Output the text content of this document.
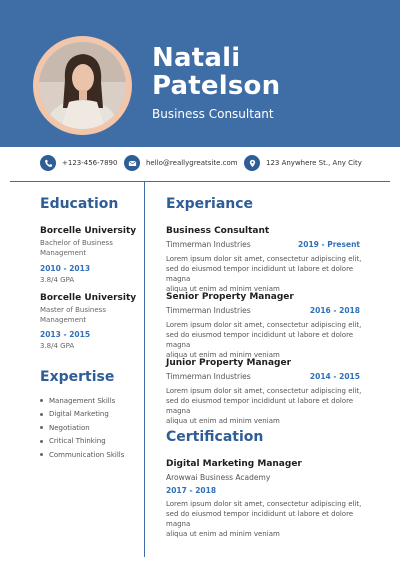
Natali
Patelson
Business Consultant
+123-456-7890	hello@reallygreatsite.com	123 Anywhere St., Any City
Education
Borcelle University
Bachelor of Business
Management
2010 - 2013
3.8/4 GPA
Borcelle University
Master of Business
Management
2013 - 2015
3.8/4 GPA
Expertise
Management Skills
Digital Marketing
Negotiation
Critical Thinking
Communication Skills
Experiance
Business Consultant
Timmerman Industries	2019 - Present
Lorem ipsum dolor sit amet, consectetur adipiscing elit,
sed do eiusmod tempor incididunt ut labore et dolore magna
aliqua ut enim ad minim veniam
Senior Property Manager
Timmerman Industries	2016 - 2018
Lorem ipsum dolor sit amet, consectetur adipiscing elit,
sed do eiusmod tempor incididunt ut labore et dolore magna
aliqua ut enim ad minim veniam
Junior Property Manager
Timmerman Industries	2014 - 2015
Lorem ipsum dolor sit amet, consectetur adipiscing elit,
sed do eiusmod tempor incididunt ut labore et dolore magna
aliqua ut enim ad minim veniam
Certification
Digital Marketing Manager
Arowwai Business Academy
2017 - 2018
Lorem ipsum dolor sit amet, consectetur adipiscing elit,
sed do eiusmod tempor incididunt ut labore et dolore magna
aliqua ut enim ad minim veniam
